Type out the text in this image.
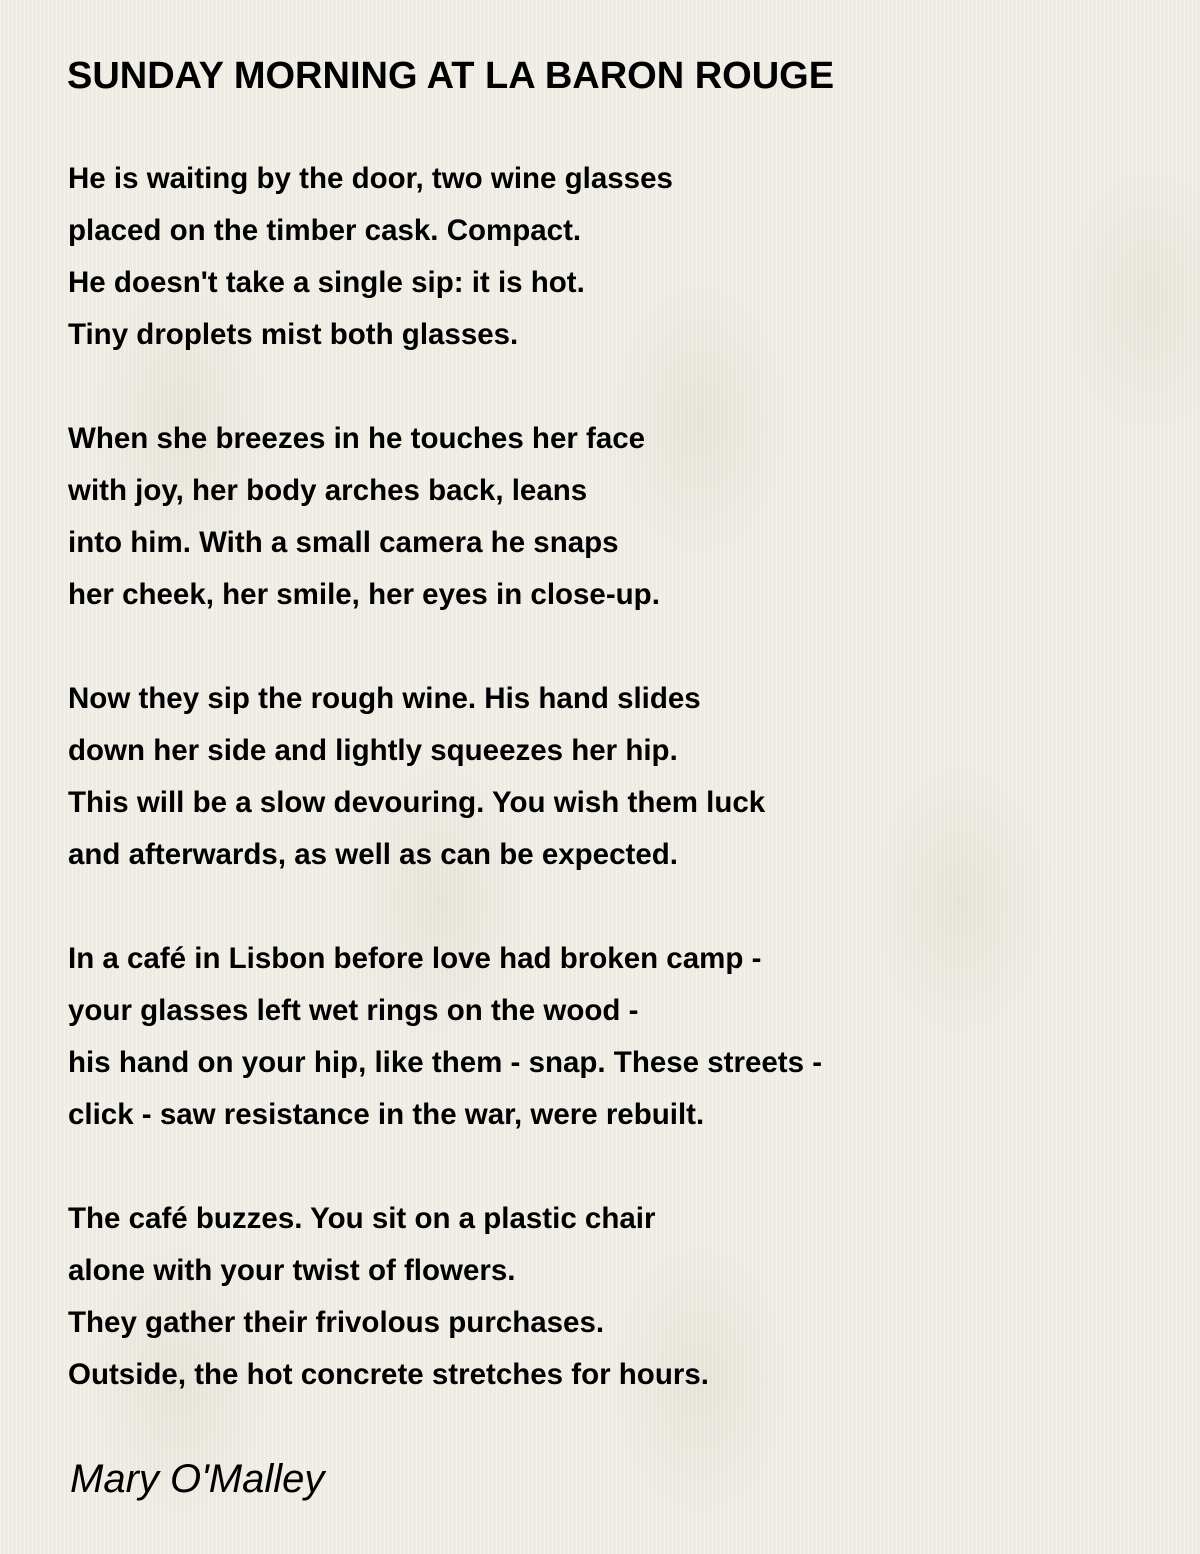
SUNDAY MORNING AT LA BARON ROUGE
He is waiting by the door, two wine glasses
placed on the timber cask. Compact.
He doesn't take a single sip: it is hot.
Tiny droplets mist both glasses.
When she breezes in he touches her face
with joy, her body arches back, leans
into him. With a small camera he snaps
her cheek, her smile, her eyes in close-up.
Now they sip the rough wine. His hand slides
down her side and lightly squeezes her hip.
This will be a slow devouring. You wish them luck
and afterwards, as well as can be expected.
In a café in Lisbon before love had broken camp -
your glasses left wet rings on the wood -
his hand on your hip, like them - snap. These streets -
click - saw resistance in the war, were rebuilt.
The café buzzes. You sit on a plastic chair
alone with your twist of flowers.
They gather their frivolous purchases.
Outside, the hot concrete stretches for hours.
Mary O'Malley
